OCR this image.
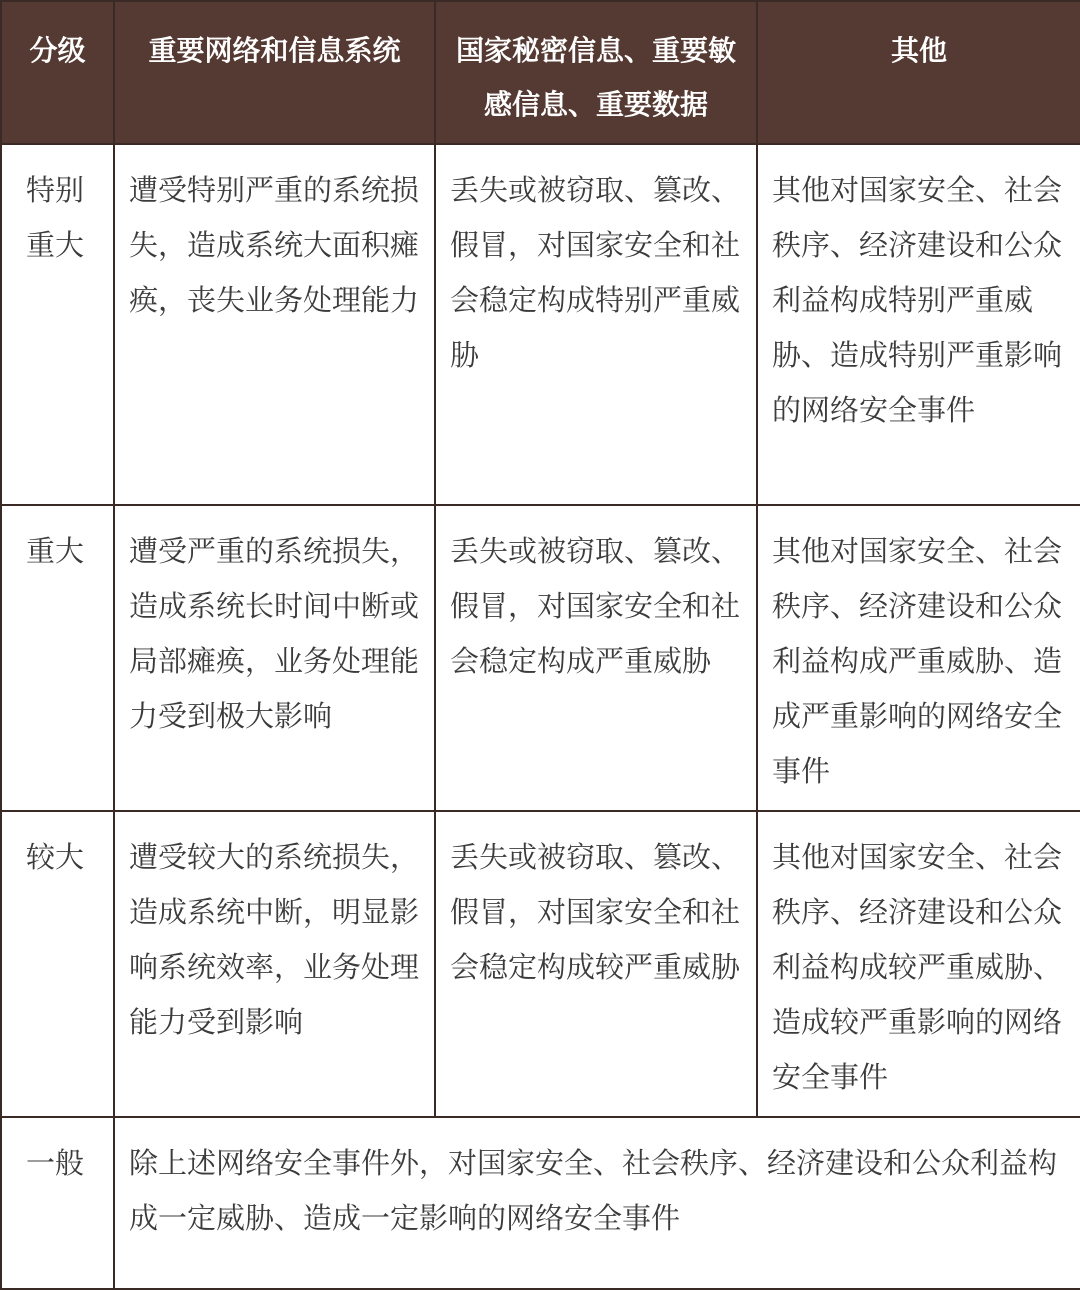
分级	重要网络和信息系统	国家秘密信息、重要敏感信息、重要数据	其他
特别重大	遭受特别严重的系统损失，造成系统大面积瘫痪，丧失业务处理能力	丢失或被窃取、篡改、假冒，对国家安全和社会稳定构成特别严重威胁	其他对国家安全、社会秩序、经济建设和公众利益构成特别严重威胁、造成特别严重影响的网络安全事件
重大	遭受严重的系统损失，造成系统长时间中断或局部瘫痪，业务处理能力受到极大影响	丢失或被窃取、篡改、假冒，对国家安全和社会稳定构成严重威胁	其他对国家安全、社会秩序、经济建设和公众利益构成严重威胁、造成严重影响的网络安全事件
较大	遭受较大的系统损失，造成系统中断，明显影响系统效率，业务处理能力受到影响	丢失或被窃取、篡改、假冒，对国家安全和社会稳定构成较严重威胁	其他对国家安全、社会秩序、经济建设和公众利益构成较严重威胁、造成较严重影响的网络安全事件
一般	除上述网络安全事件外，对国家安全、社会秩序、经济建设和公众利益构成一定威胁、造成一定影响的网络安全事件		
